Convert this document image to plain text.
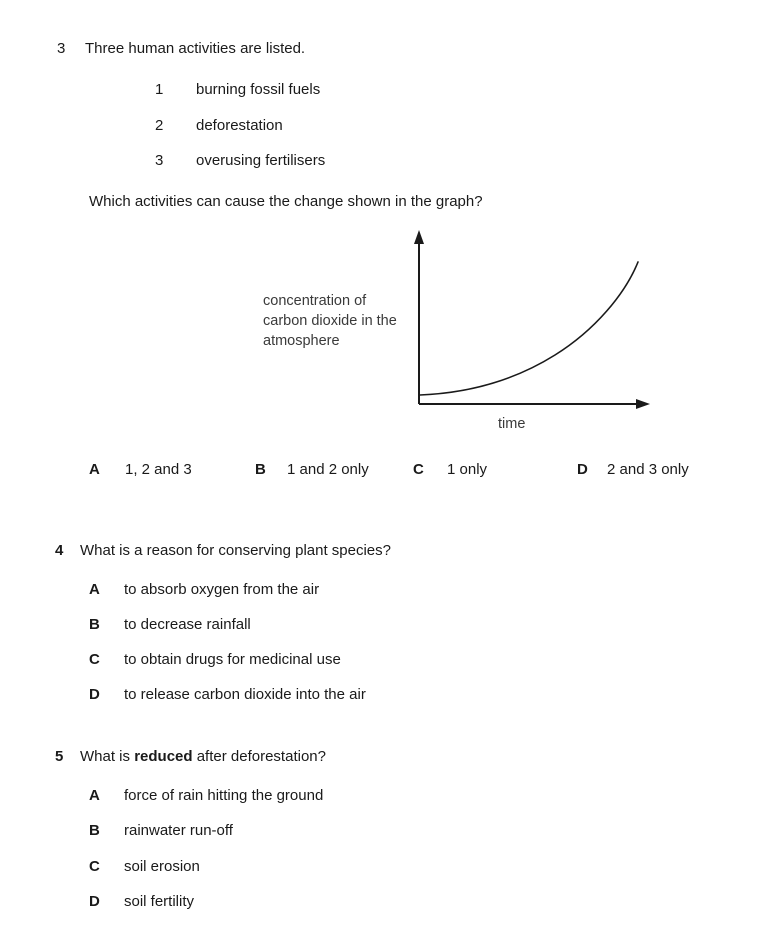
3 Three human activities are listed.
1 burning fossil fuels
2 deforestation
3 overusing fertilisers
Which activities can cause the change shown in the graph?
concentration of carbon dioxide in the atmosphere
time
A 1, 2 and 3	B 1 and 2 only	C 1 only	D 2 and 3 only
4 What is a reason for conserving plant species?
A to absorb oxygen from the air
B to decrease rainfall
C to obtain drugs for medicinal use
D to release carbon dioxide into the air
5 What is reduced after deforestation?
A force of rain hitting the ground
B rainwater run-off
C soil erosion
D soil fertility
